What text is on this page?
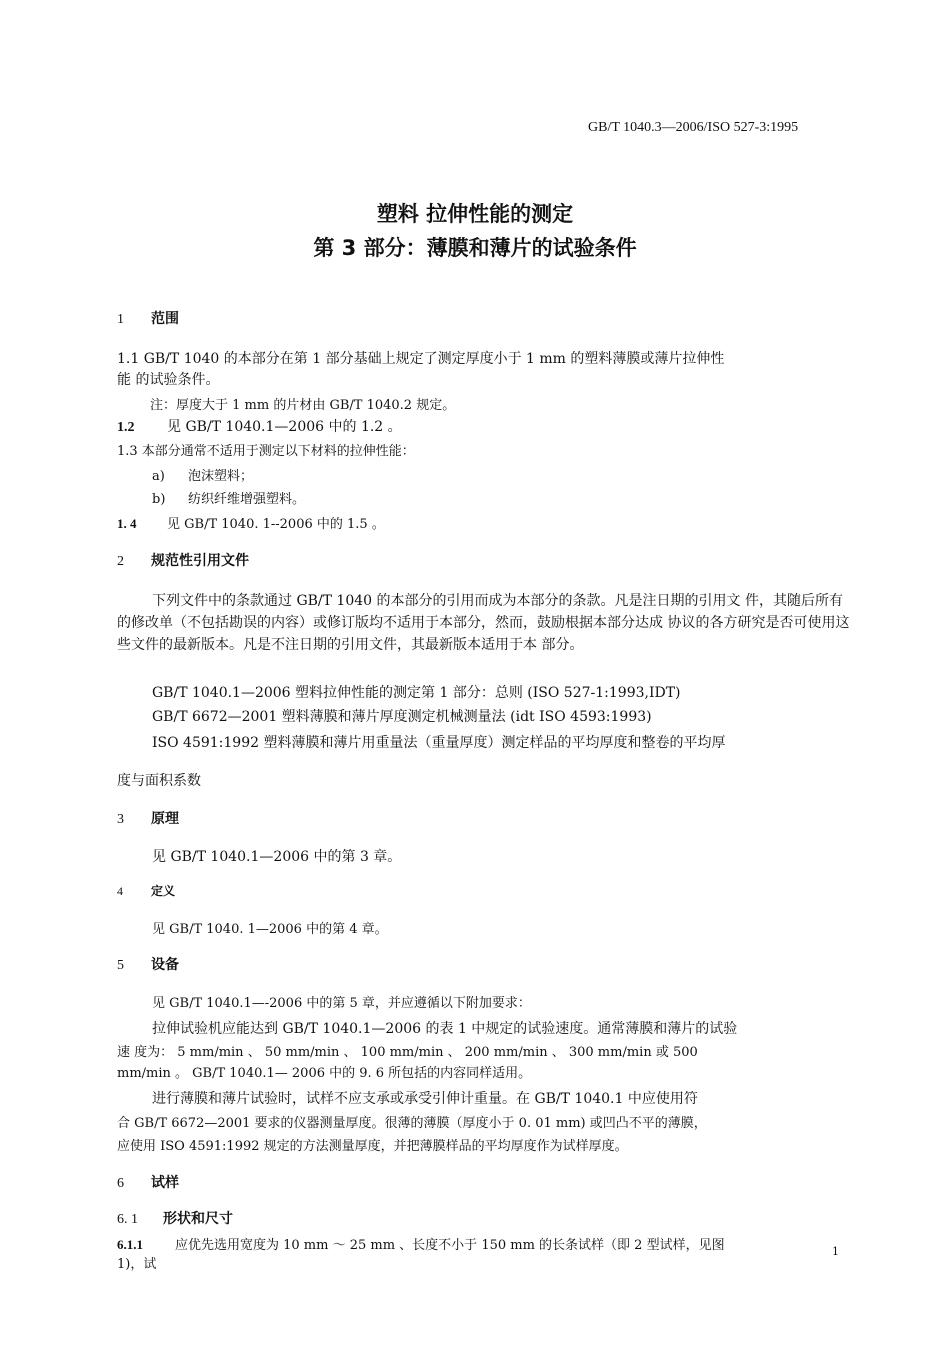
GB/T 1040.3—2006/ISO 527-3:1995
塑料 拉伸性能的测定
第 3 部分：薄膜和薄片的试验条件
1 范围
1.1 GB/T 1040 的本部分在第 1 部分基础上规定了测定厚度小于 1 mm 的塑料薄膜或薄片拉伸性
能 的试验条件。
注：厚度大于 1 mm 的片材由 GB/T 1040.2 规定。
1.2 见 GB/T 1040.1—2006 中的 1.2 。
1.3 本部分通常不适用于测定以下材料的拉伸性能：
a) 泡沫塑料；
b) 纺织纤维增强塑料。
1. 4 见 GB/T 1040. 1--2006 中的 1.5 。
2 规范性引用文件
下列文件中的条款通过 GB/T 1040 的本部分的引用而成为本部分的条款。凡是注日期的引用文 件，其随后所有的修改单（不包括勘误的内容）或修订版均不适用于本部分，然而，鼓励根据本部分达成 协议的各方研究是否可使用这些文件的最新版本。凡是不注日期的引用文件，其最新版本适用于本 部分。
GB/T 1040.1—2006 塑料拉伸性能的测定第 1 部分：总则 (ISO 527-1:1993,IDT)
GB/T 6672—2001 塑料薄膜和薄片厚度测定机械测量法 (idt ISO 4593:1993)
ISO 4591:1992 塑料薄膜和薄片用重量法（重量厚度）测定样品的平均厚度和整卷的平均厚
度与面积系数
3 原理
见 GB/T 1040.1—2006 中的第 3 章。
4 定义
见 GB/T 1040. 1—2006 中的第 4 章。
5 设备
见 GB/T 1040.1—-2006 中的第 5 章，并应遵循以下附加要求：
拉伸试验机应能达到 GB/T 1040.1—2006 的表 1 中规定的试验速度。通常薄膜和薄片的试验
速 度为： 5 mm/min 、 50 mm/min 、 100 mm/min 、 200 mm/min 、 300 mm/min 或 500
mm/min 。 GB/T 1040.1— 2006 中的 9. 6 所包括的内容同样适用。
进行薄膜和薄片试验时，试样不应支承或承受引伸计重量。在 GB/T 1040.1 中应使用符
合 GB/T 6672—2001 要求的仪器测量厚度。很薄的薄膜（厚度小于 0. 01 mm) 或凹凸不平的薄膜，
应使用 ISO 4591:1992 规定的方法测量厚度，并把薄膜样品的平均厚度作为试样厚度。
6 试样
6. 1 形状和尺寸
6.1.1 应优先选用宽度为 10 mm ～ 25 mm 、长度不小于 150 mm 的长条试样（即 2 型试样，见图
1)，试
1
